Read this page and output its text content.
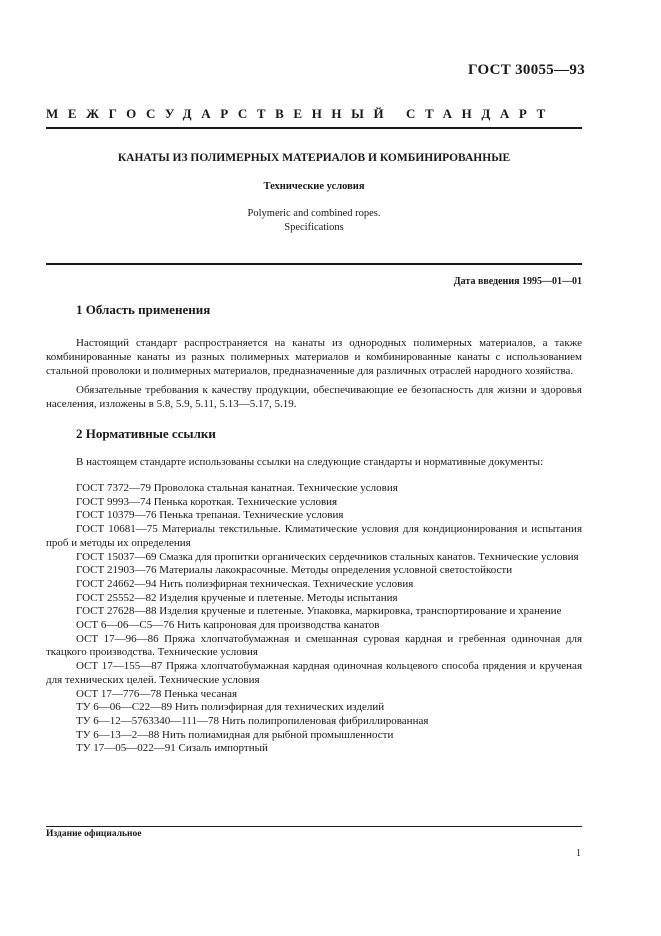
ГОСТ 30055—93
МЕЖГОСУДАРСТВЕННЫЙ СТАНДАРТ
КАНАТЫ ИЗ ПОЛИМЕРНЫХ МАТЕРИАЛОВ И КОМБИНИРОВАННЫЕ
Технические условия
Polymeric and combined ropes.
Specifications
Дата введения 1995—01—01
1 Область применения
Настоящий стандарт распространяется на канаты из однородных полимерных материалов, а также комбинированные канаты из разных полимерных материалов и комбинированные канаты с использованием стальной проволоки и полимерных материалов, предназначенные для различных отраслей народного хозяйства.
Обязательные требования к качеству продукции, обеспечивающие ее безопасность для жизни и здоровья населения, изложены в 5.8, 5.9, 5.11, 5.13—5.17, 5.19.
2 Нормативные ссылки
В настоящем стандарте использованы ссылки на следующие стандарты и нормативные документы:
ГОСТ 7372—79 Проволока стальная канатная. Технические условия
ГОСТ 9993—74 Пенька короткая. Технические условия
ГОСТ 10379—76 Пенька трепаная. Технические условия
ГОСТ 10681—75 Материалы текстильные. Климатические условия для кондиционирования и испытания проб и методы их определения
ГОСТ 15037—69 Смазка для пропитки органических сердечников стальных канатов. Технические условия
ГОСТ 21903—76 Материалы лакокрасочные. Методы определения условной светостойкости
ГОСТ 24662—94 Нить полиэфирная техническая. Технические условия
ГОСТ 25552—82 Изделия крученые и плетеные. Методы испытания
ГОСТ 27628—88 Изделия крученые и плетеные. Упаковка, маркировка, транспортирование и хранение
ОСТ 6—06—С5—76 Нить капроновая для производства канатов
ОСТ 17—96—86 Пряжа хлопчатобумажная и смешанная суровая кардная и гребенная одиночная для ткацкого производства. Технические условия
ОСТ 17—155—87 Пряжа хлопчатобумажная кардная одиночная кольцевого способа прядения и крученая для технических целей. Технические условия
ОСТ 17—776—78 Пенька чесаная
ТУ 6—06—С22—89 Нить полиэфирная для технических изделий
ТУ 6—12—5763340—111—78 Нить полипропиленовая фибриллированная
ТУ 6—13—2—88 Нить полиамидная для рыбной промышленности
ТУ 17—05—022—91 Сизаль импортный
Издание официальное
1
